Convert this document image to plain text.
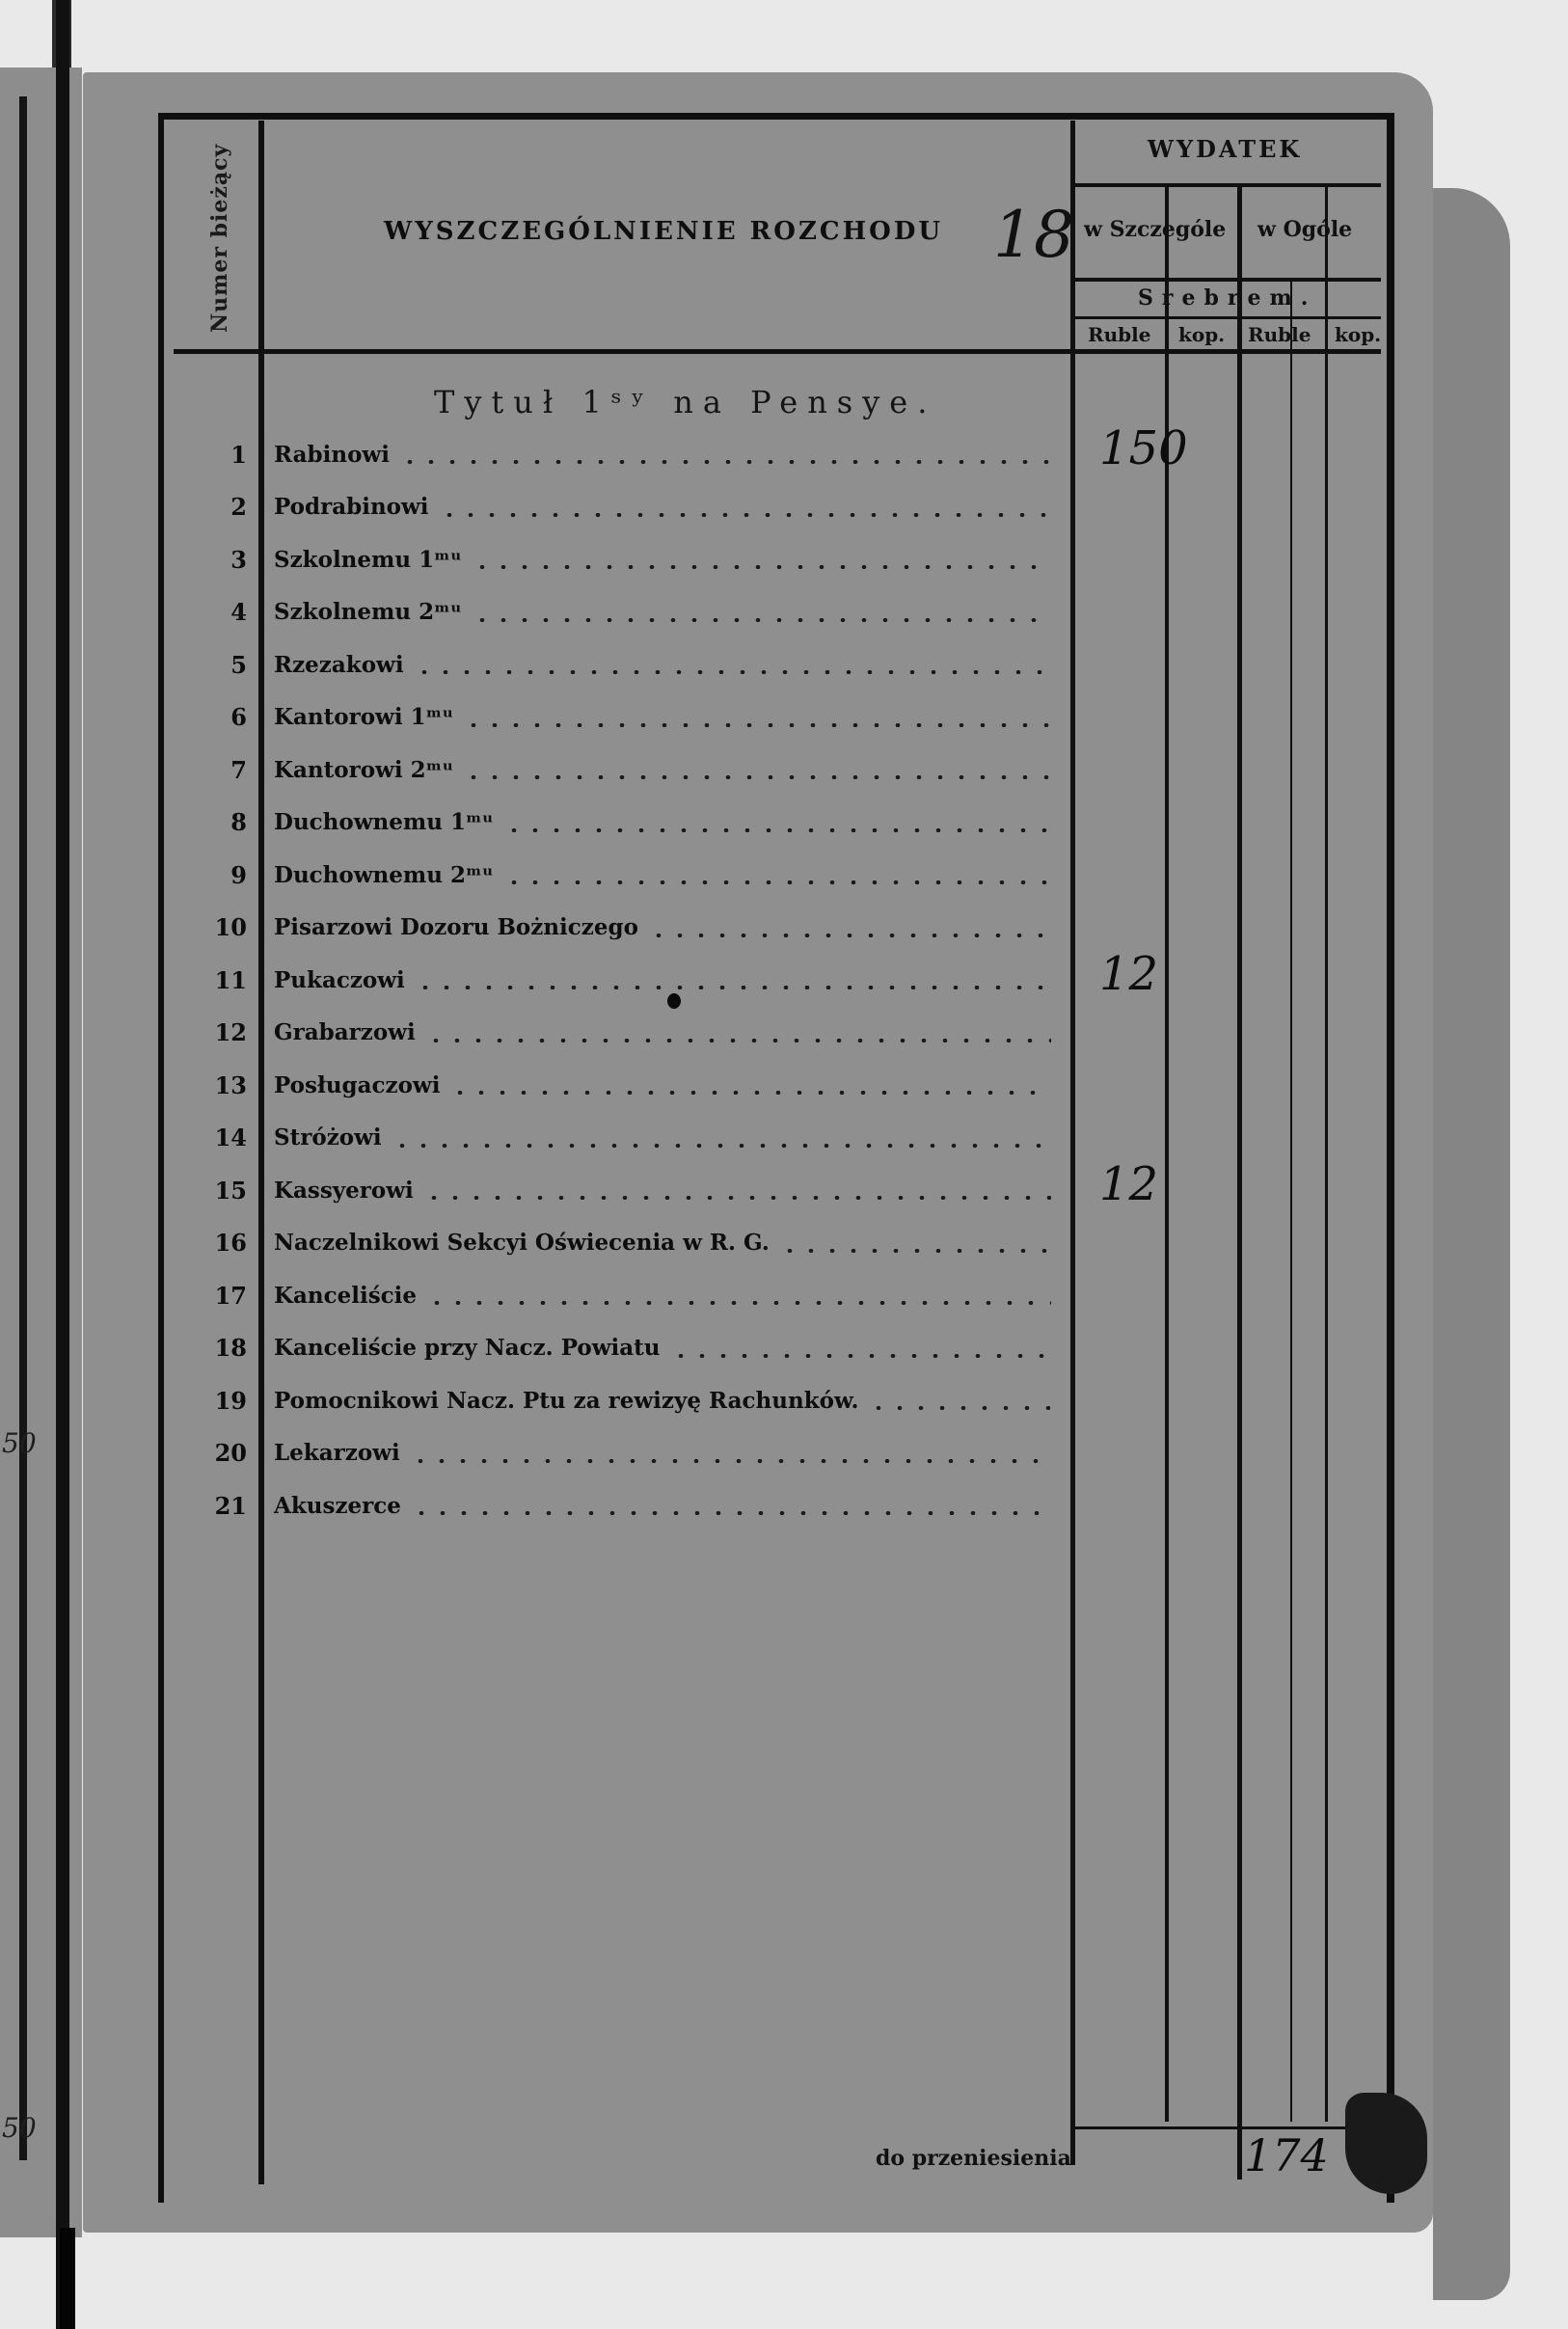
50
50
Numer bieżący	WYSZCZEGÓLNIENIE ROZCHODU 18
WYDATEK
w Szczególe w Ogóle
Srebrem.
Ruble kop. Ruble kop.
Tytuł 1ˢʸ na Pensye.
1	Rabinowi	150
2	Podrabinowi
3	Szkolnemu 1ᵐᵘ
4	Szkolnemu 2ᵐᵘ
5	Rzezakowi
6	Kantorowi 1ᵐᵘ
7	Kantorowi 2ᵐᵘ
8	Duchownemu 1ᵐᵘ
9	Duchownemu 2ᵐᵘ
10	Pisarzowi Dozoru Bożniczego
11	Pukaczowi	12
12	Grabarzowi
13	Posługaczowi
14	Stróżowi
15	Kassyerowi	12
16	Naczelnikowi Sekcyi Oświecenia w R. G.
17	Kanceliście
18	Kanceliście przy Nacz. Powiatu
19	Pomocnikowi Nacz. Ptu za rewizyę Rachunków.
20	Lekarzowi
21	Akuszerce
do przeniesienia	174
